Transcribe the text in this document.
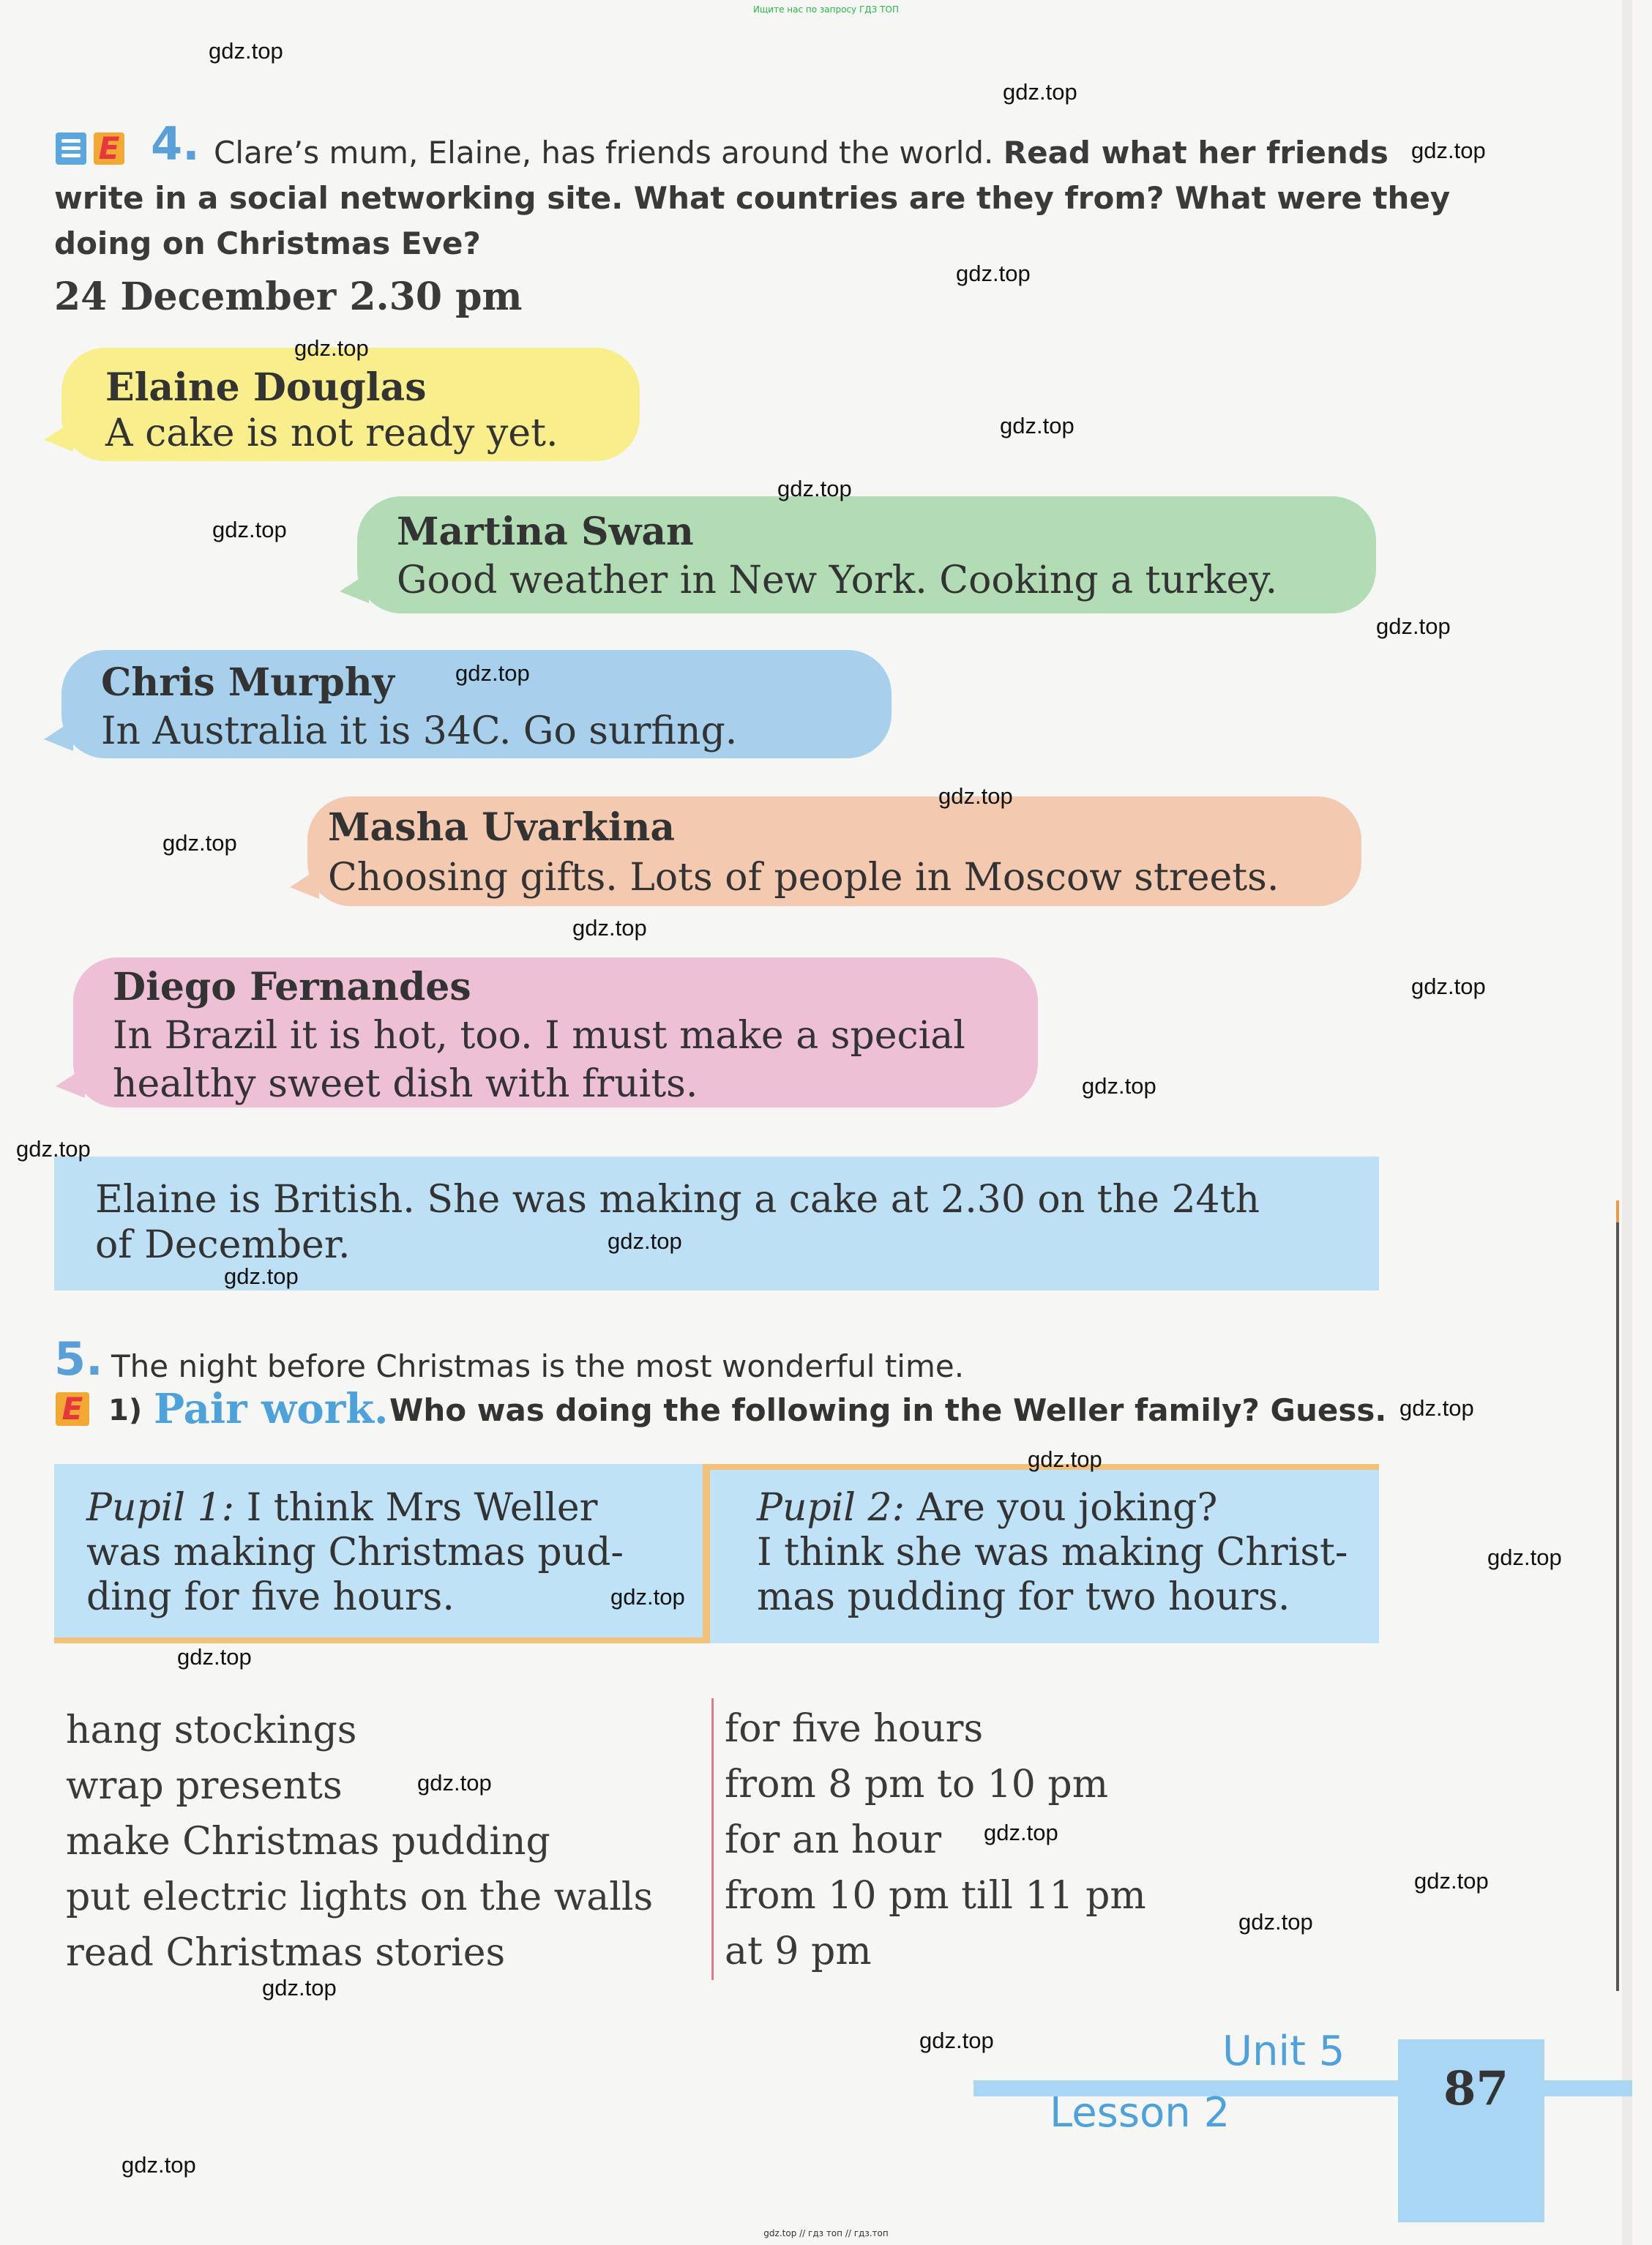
Ищите нас по запросу ГДЗ ТОП
gdz.top // гдз топ // гдз.топ
E 4. Clare’s mum, Elaine, has friends around the world. Read what her friends
write in a social networking site. What countries are they from? What were they
doing on Christmas Eve?
24 December 2.30 pm
Elaine Douglas
A cake is not ready yet.
Martina Swan
Good weather in New York. Cooking a turkey.
Chris Murphy
In Australia it is 34C. Go surfing.
Masha Uvarkina
Choosing gifts. Lots of people in Moscow streets.
Diego Fernandes
In Brazil it is hot, too. I must make a special
healthy sweet dish with fruits.
Elaine is British. She was making a cake at 2.30 on the 24th
of December.
5. The night before Christmas is the most wonderful time.
E 1) Pair work. Who was doing the following in the Weller family? Guess.
Pupil 1: I think Mrs Weller
was making Christmas pud-
ding for five hours.
Pupil 2: Are you joking?
I think she was making Christ-
mas pudding for two hours.
hang stockings
wrap presents
make Christmas pudding
put electric lights on the walls
read Christmas stories
for five hours
from 8 pm to 10 pm
for an hour
from 10 pm till 11 pm
at 9 pm
Unit 5
Lesson 2	87
gdz.top
gdz.top
gdz.top
gdz.top
gdz.top
gdz.top
gdz.top
gdz.top
gdz.top
gdz.top
gdz.top
gdz.top
gdz.top
gdz.top
gdz.top
gdz.top
gdz.top
gdz.top
gdz.top
gdz.top
gdz.top
gdz.top
gdz.top
gdz.top
gdz.top
gdz.top
gdz.top
gdz.top
gdz.top
gdz.top
